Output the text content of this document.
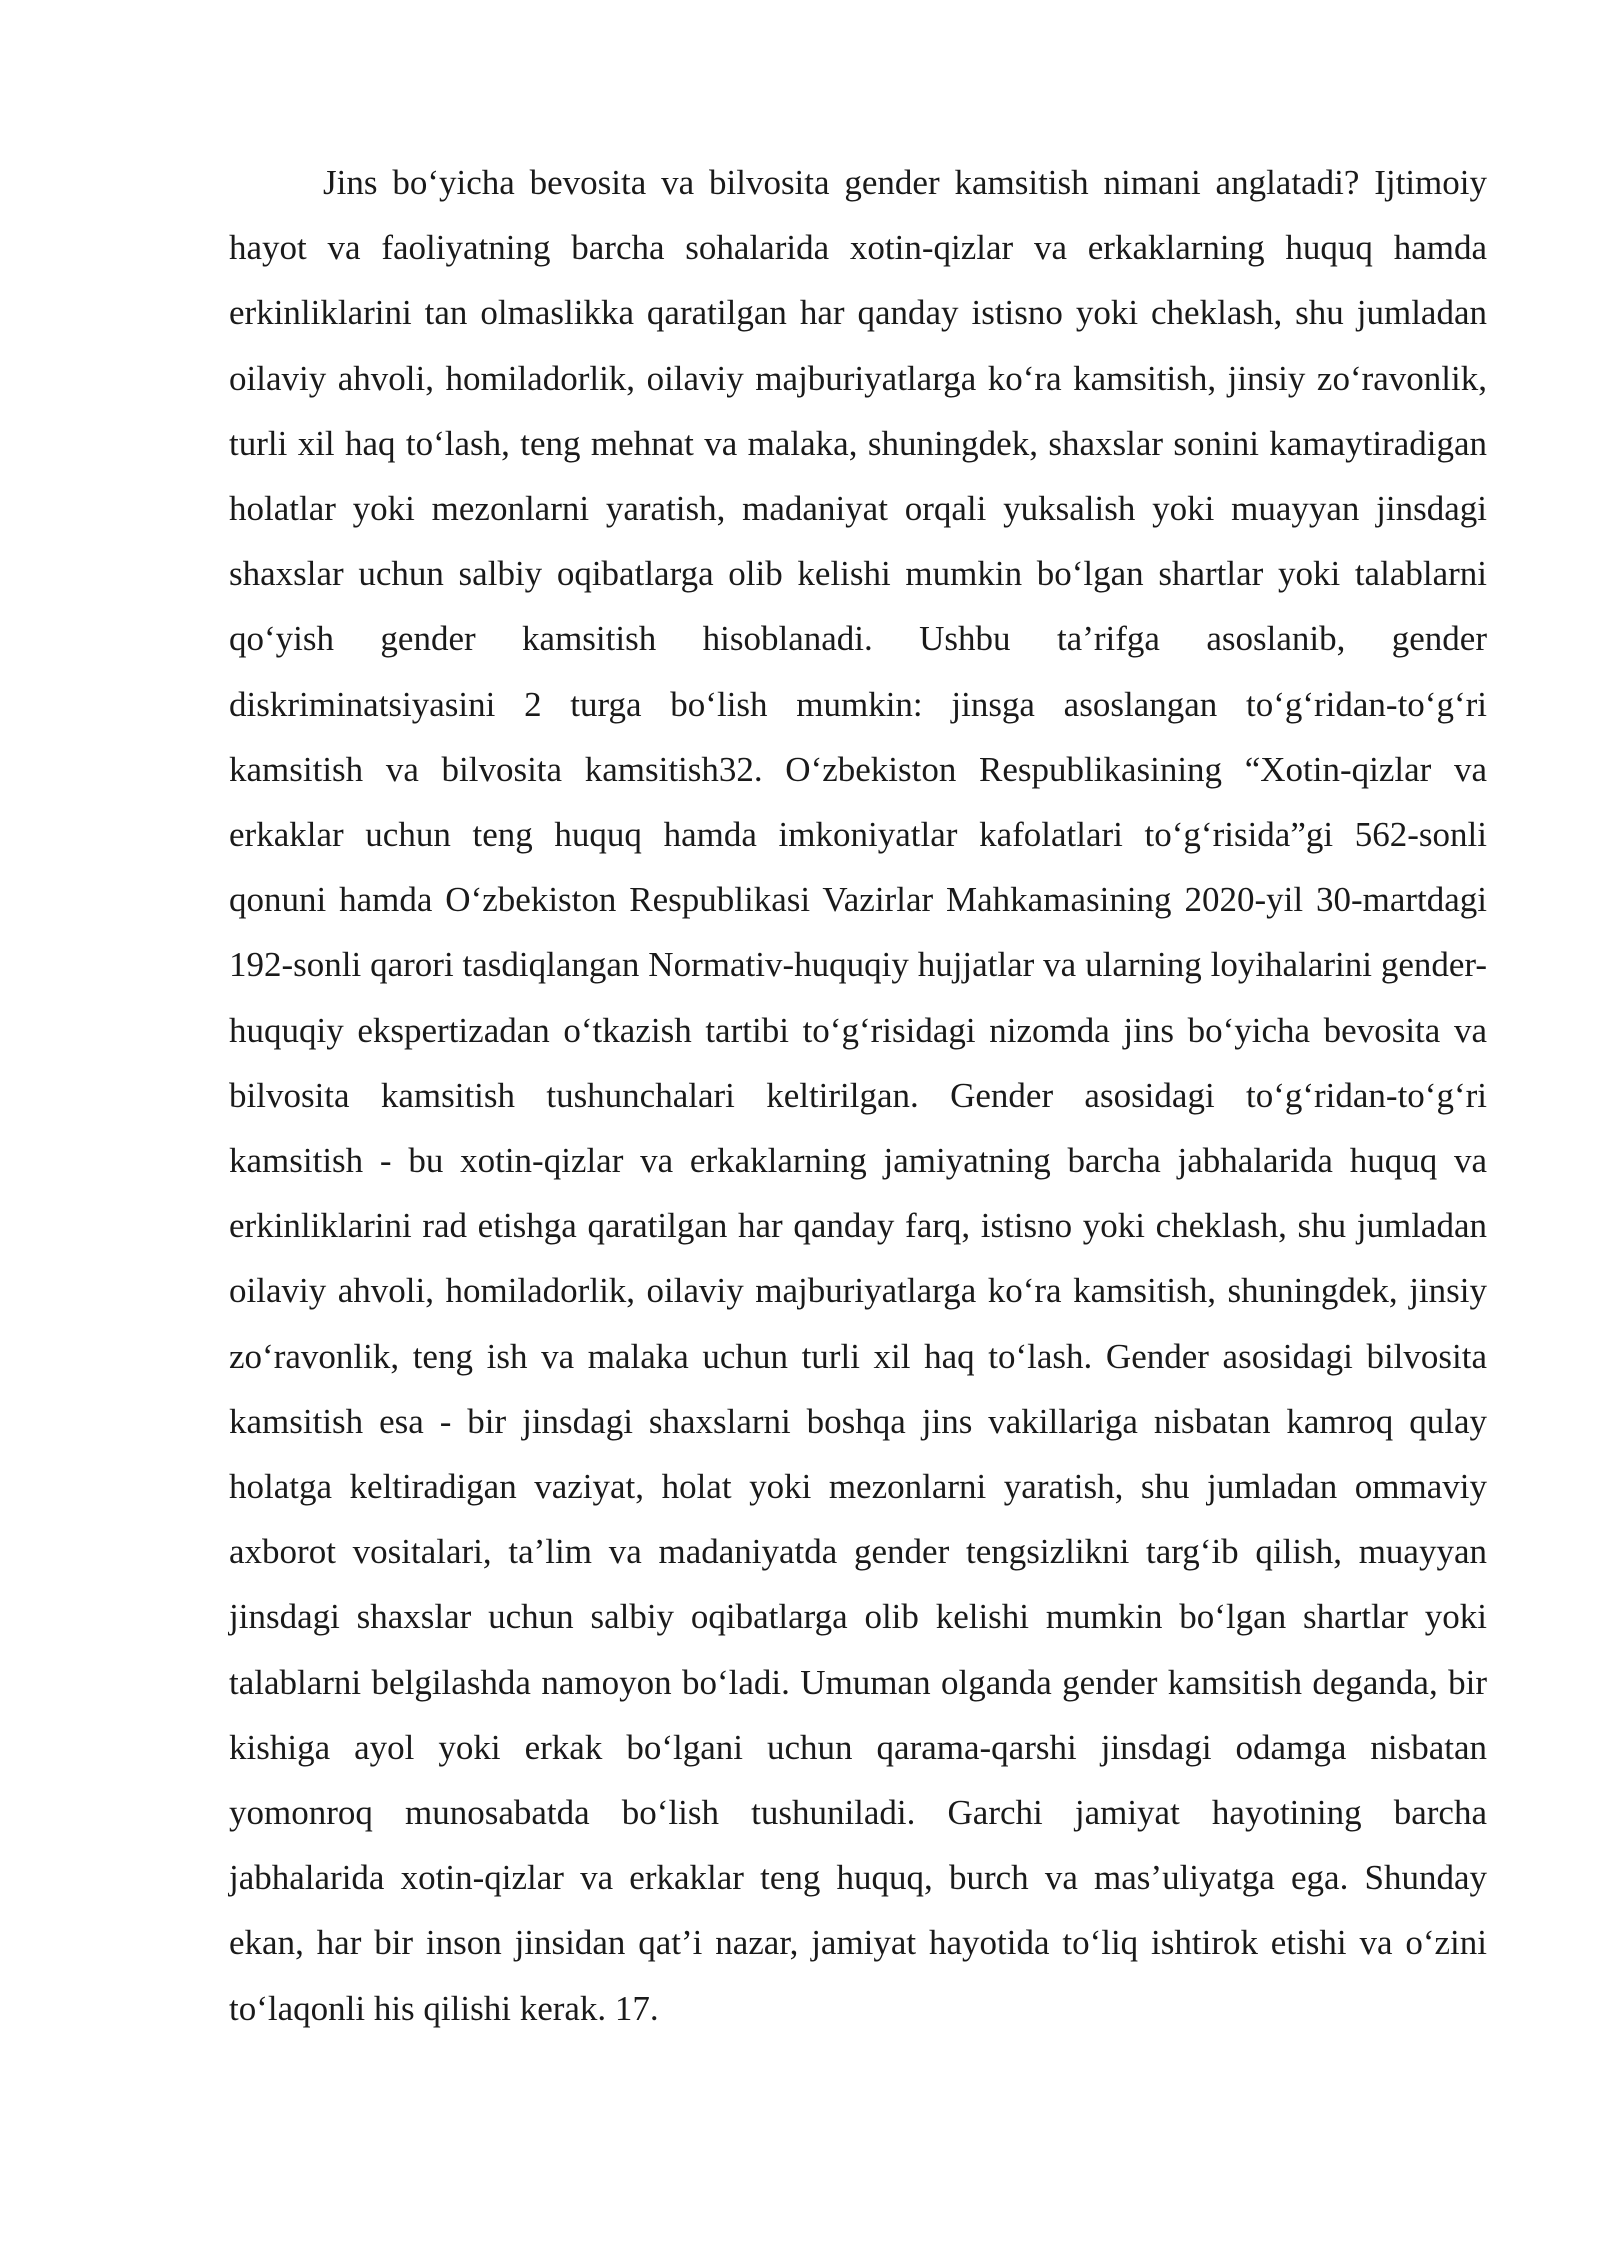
Jins bo‘yicha bevosita va bilvosita gender kamsitish nimani anglatadi? Ijtimoiy hayot va faoliyatning barcha sohalarida xotin-qizlar va erkaklarning huquq hamda erkinliklarini tan olmaslikka qaratilgan har qanday istisno yoki cheklash, shu jumladan oilaviy ahvoli, homiladorlik, oilaviy majburiyatlarga ko‘ra kamsitish, jinsiy zo‘ravonlik, turli xil haq to‘lash, teng mehnat va malaka, shuningdek, shaxslar sonini kamaytiradigan holatlar yoki mezonlarni yaratish, madaniyat orqali yuksalish yoki muayyan jinsdagi shaxslar uchun salbiy oqibatlarga olib kelishi mumkin bo‘lgan shartlar yoki talablarni qo‘yish gender kamsitish hisoblanadi. Ushbu ta’rifga asoslanib, gender diskriminatsiyasini 2 turga bo‘lish mumkin: jinsga asoslangan to‘g‘ridan-to‘g‘ri kamsitish va bilvosita kamsitish32. O‘zbekiston Respublikasining “Xotin-qizlar va erkaklar uchun teng huquq hamda imkoniyatlar kafolatlari to‘g‘risida”gi 562-sonli qonuni hamda O‘zbekiston Respublikasi Vazirlar Mahkamasining 2020-yil 30-martdagi 192-sonli qarori tasdiqlangan Normativ-huquqiy hujjatlar va ularning loyihalarini gender-huquqiy ekspertizadan o‘tkazish tartibi to‘g‘risidagi nizomda jins bo‘yicha bevosita va bilvosita kamsitish tushunchalari keltirilgan. Gender asosidagi to‘g‘ridan-to‘g‘ri kamsitish - bu xotin-qizlar va erkaklarning jamiyatning barcha jabhalarida huquq va erkinliklarini rad etishga qaratilgan har qanday farq, istisno yoki cheklash, shu jumladan oilaviy ahvoli, homiladorlik, oilaviy majburiyatlarga ko‘ra kamsitish, shuningdek, jinsiy zo‘ravonlik, teng ish va malaka uchun turli xil haq to‘lash. Gender asosidagi bilvosita kamsitish esa - bir jinsdagi shaxslarni boshqa jins vakillariga nisbatan kamroq qulay holatga keltiradigan vaziyat, holat yoki mezonlarni yaratish, shu jumladan ommaviy axborot vositalari, ta’lim va madaniyatda gender tengsizlikni targ‘ib qilish, muayyan jinsdagi shaxslar uchun salbiy oqibatlarga olib kelishi mumkin bo‘lgan shartlar yoki talablarni belgilashda namoyon bo‘ladi. Umuman olganda gender kamsitish deganda, bir kishiga ayol yoki erkak bo‘lgani uchun qarama-qarshi jinsdagi odamga nisbatan yomonroq munosabatda bo‘lish tushuniladi. Garchi jamiyat hayotining barcha jabhalarida xotin-qizlar va erkaklar teng huquq, burch va mas’uliyatga ega. Shunday ekan, har bir inson jinsidan qat’i nazar, jamiyat hayotida to‘liq ishtirok etishi va o‘zini to‘laqonli his qilishi kerak. 17.
